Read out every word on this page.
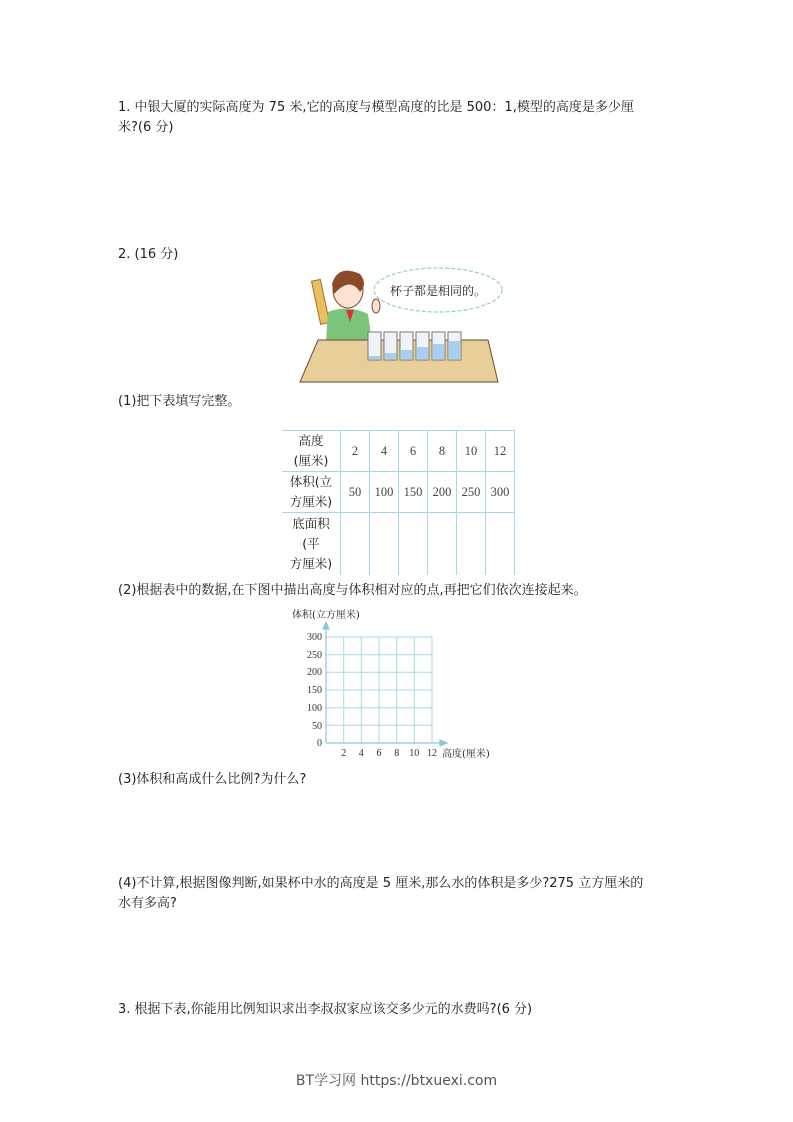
1. 中银大厦的实际高度为 75 米,它的高度与模型高度的比是 500：1,模型的高度是多少厘
米?(6 分)
2. (16 分)
杯子都是相同的。
(1)把下表填写完整。
高度
(厘米)	2	4	6	8	10	12

体积(立
方厘米)	50	100	150	200	250	300

底面积
(平
方厘米)						

(2)根据表中的数据,在下图中描出高度与体积相对应的点,再把它们依次连接起来。
体积(立方厘米)
300
250
200
150
100
50
0
2 4 6 8 10 12 高度(厘米)
(3)体积和高成什么比例?为什么?
(4)不计算,根据图像判断,如果杯中水的高度是 5 厘米,那么水的体积是多少?275 立方厘米的
水有多高?
3. 根据下表,你能用比例知识求出李叔叔家应该交多少元的水费吗?(6 分)
BT学习网 https://btxuexi.com
